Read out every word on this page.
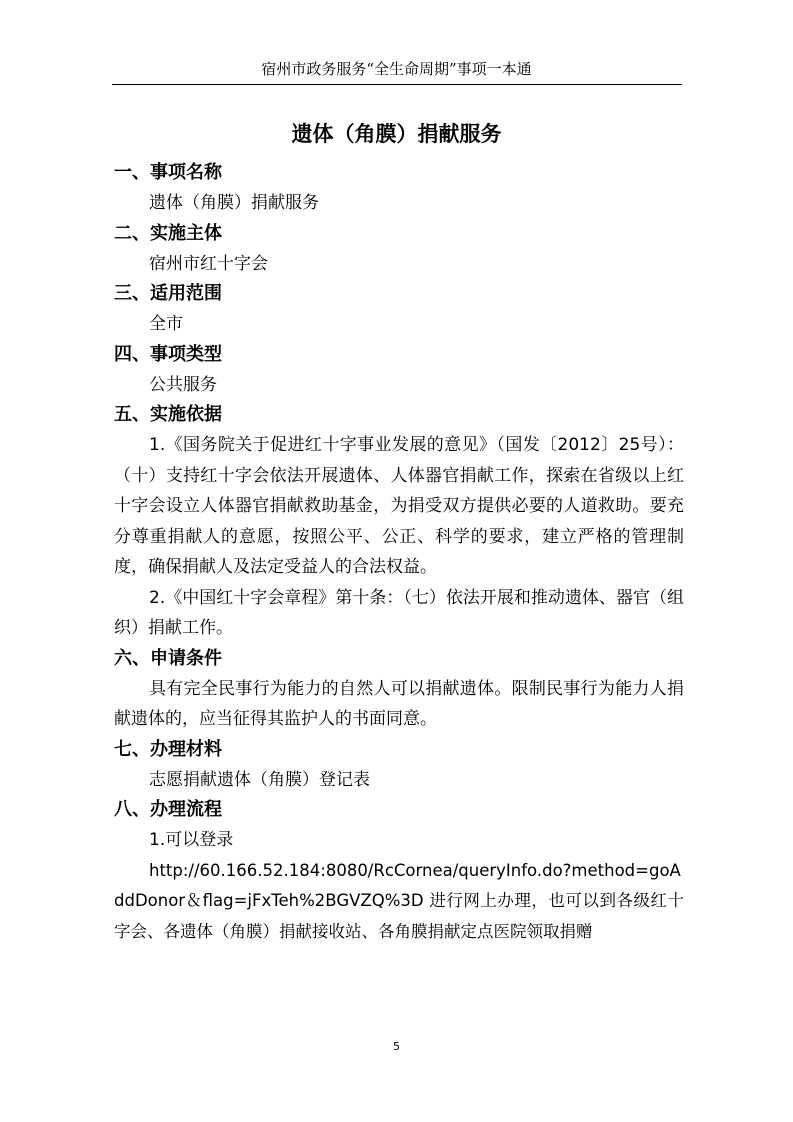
宿州市政务服务“全生命周期”事项一本通
遗体（角膜）捐献服务
一、事项名称
遗体（角膜）捐献服务
二、实施主体
宿州市红十字会
三、适用范围
全市
四、事项类型
公共服务
五、实施依据
1.《国务院关于促进红十字事业发展的意见》（国发〔2012〕25号）：（十）支持红十字会依法开展遗体、人体器官捐献工作，探索在省级以上红十字会设立人体器官捐献救助基金，为捐受双方提供必要的人道救助。要充分尊重捐献人的意愿，按照公平、公正、科学的要求，建立严格的管理制度，确保捐献人及法定受益人的合法权益。
2.《中国红十字会章程》第十条：（七）依法开展和推动遗体、器官（组织）捐献工作。
六、申请条件
具有完全民事行为能力的自然人可以捐献遗体。限制民事行为能力人捐献遗体的，应当征得其监护人的书面同意。
七、办理材料
志愿捐献遗体（角膜）登记表
八、办理流程
1.可以登录
http://60.166.52.184:8080/RcCornea/queryInfo.do?method=goAddDonor＆flag=jFxTeh%2BGVZQ%3D 进行网上办理，也可以到各级红十字会、各遗体（角膜）捐献接收站、各角膜捐献定点医院领取捐赠
5
